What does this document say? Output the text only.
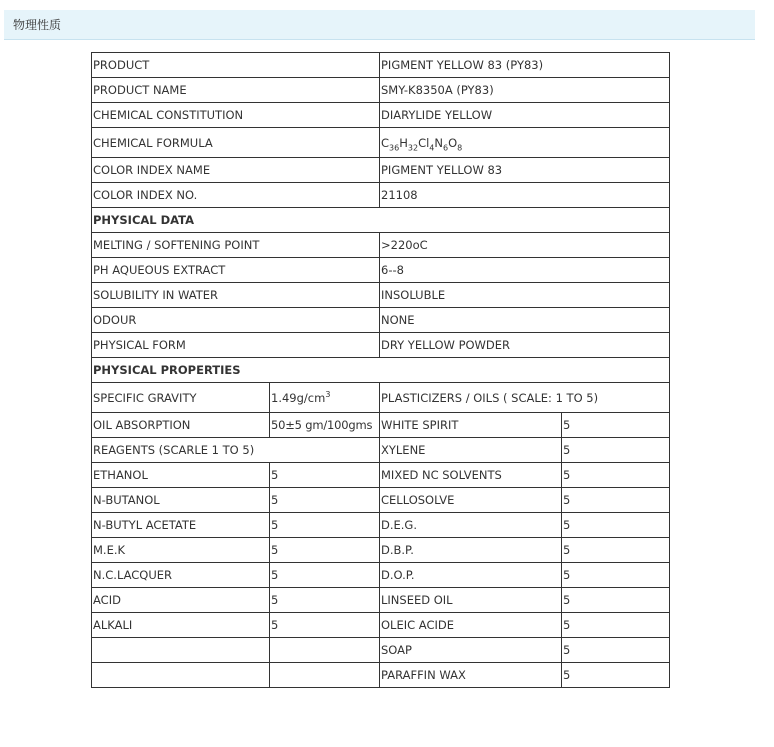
物理性质
PRODUCT		PIGMENT YELLOW 83 (PY83)	
PRODUCT NAME		SMY-K8350A (PY83)	
CHEMICAL CONSTITUTION		DIARYLIDE YELLOW	
CHEMICAL FORMULA		$C_{36}H_{32}Cl_4N_6O_8$
COLOR INDEX NAME		PIGMENT YELLOW 83	
COLOR INDEX NO.		21108	
PHYSICAL DATA			
MELTING / SOFTENING POINT		>220oC	
PH AQUEOUS EXTRACT		6--8	
SOLUBILITY IN WATER		INSOLUBLE	
ODOUR		NONE	
PHYSICAL FORM		DRY YELLOW POWDER	
PHYSICAL PROPERTIES			
SPECIFIC GRAVITY	$1.49g/cm^3$	PLASTICIZERS / OILS ( SCALE: 1 TO 5)	
OIL ABSORPTION	50±5 gm/100gms	WHITE SPIRIT	5
REAGENTS (SCARLE 1 TO 5)		XYLENE	5
ETHANOL	5	MIXED NC SOLVENTS	5
N-BUTANOL	5	CELLOSOLVE	5
N-BUTYL ACETATE	5	D.E.G.	5
M.E.K	5	D.B.P.	5
N.C.LACQUER	5	D.O.P.	5
ACID	5	LINSEED OIL	5
ALKALI	5	OLEIC ACIDE	5
		SOAP	5
		PARAFFIN WAX	5
